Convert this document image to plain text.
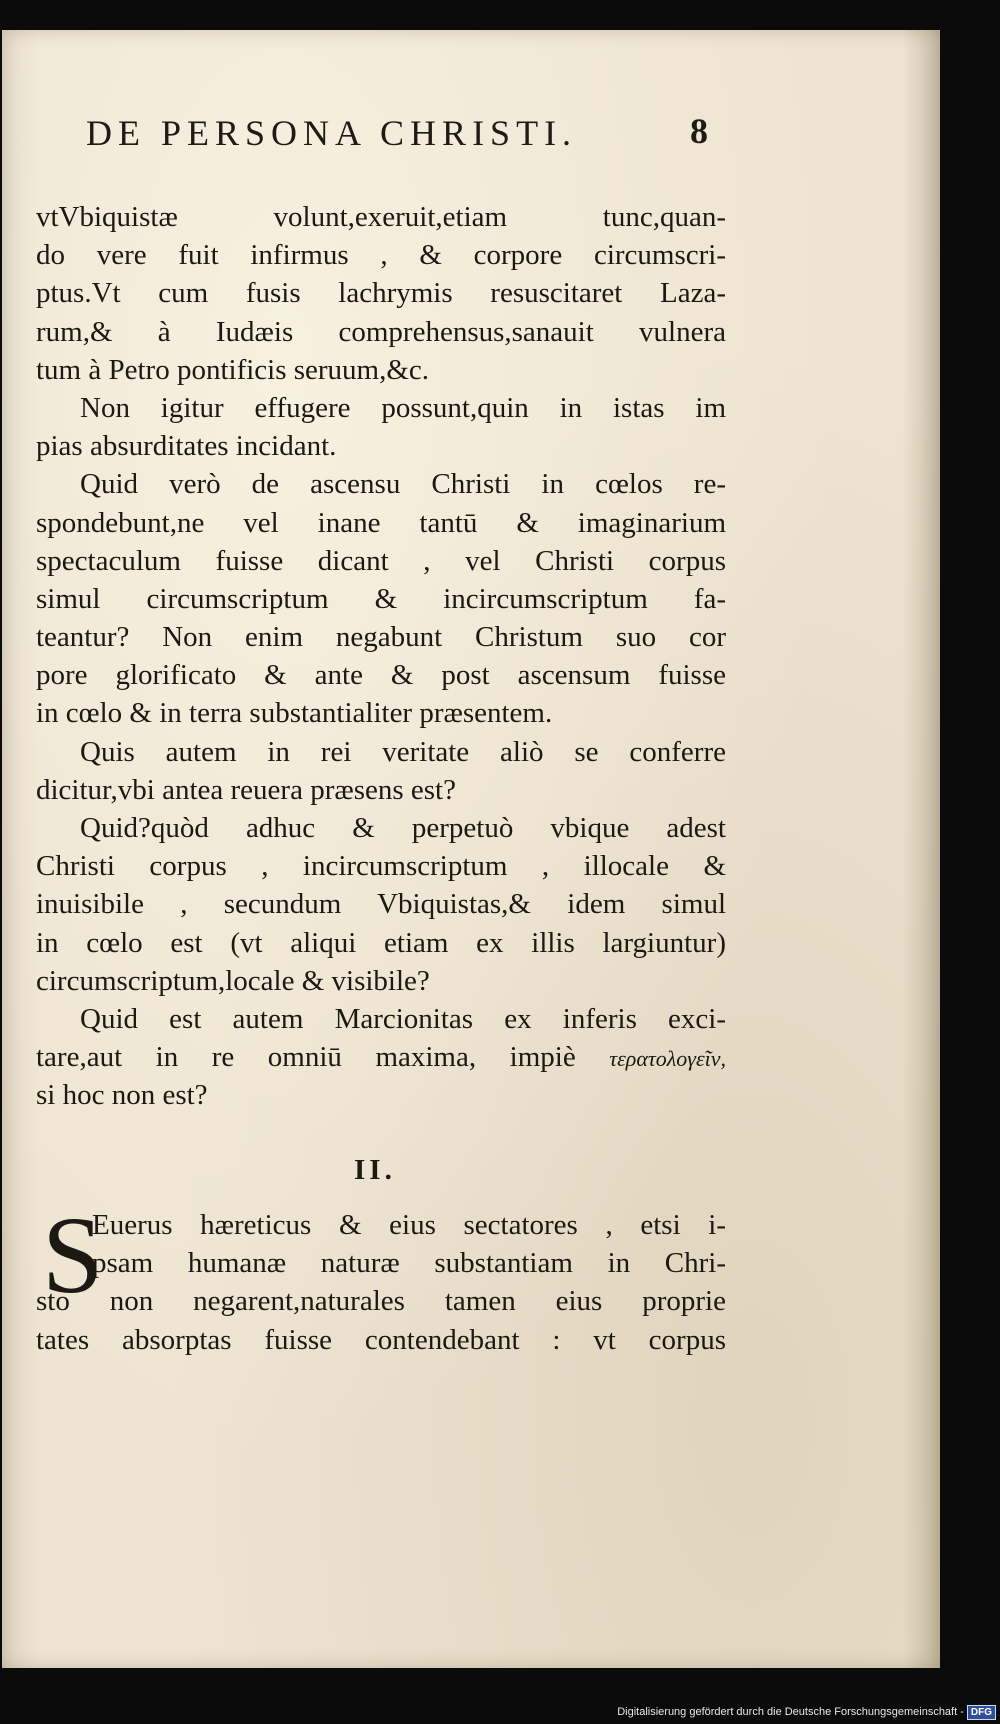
DE PERSONA CHRISTI.	8
vtVbiquistæ volunt,exeruit,etiam tunc,quan-
do vere fuit infirmus , & corpore circumscri-
ptus.Vt cum fusis lachrymis resuscitaret Laza-
rum,& à Iudæis comprehensus,sanauit vulnera
tum à Petro pontificis seruum,&c.
Non igitur effugere possunt,quin in istas im
pias absurditates incidant.
Quid verò de ascensu Christi in cœlos re-
spondebunt,ne vel inane tantū & imaginarium
spectaculum fuisse dicant , vel Christi corpus
simul circumscriptum & incircumscriptum fa-
teantur? Non enim negabunt Christum suo cor
pore glorificato & ante & post ascensum fuisse
in cœlo & in terra substantialiter præsentem.
Quis autem in rei veritate aliò se conferre
dicitur,vbi antea reuera præsens est?
Quid?quòd adhuc & perpetuò vbique adest
Christi corpus , incircumscriptum , illocale &
inuisibile , secundum Vbiquistas,& idem simul
in cœlo est (vt aliqui etiam ex illis largiuntur)
circumscriptum,locale & visibile?
Quid est autem Marcionitas ex inferis exci-
tare,aut in re omniū maxima, impiè τερατολογεῖν,
si hoc non est?
II.
S
Euerus hæreticus & eius sectatores , etsi i-
psam humanæ naturæ substantiam in Chri-
sto non negarent,naturales tamen eius proprie
tates absorptas fuisse contendebant : vt corpus
Digitalisierung gefördert durch die Deutsche Forschungsgemeinschaft - DFG
